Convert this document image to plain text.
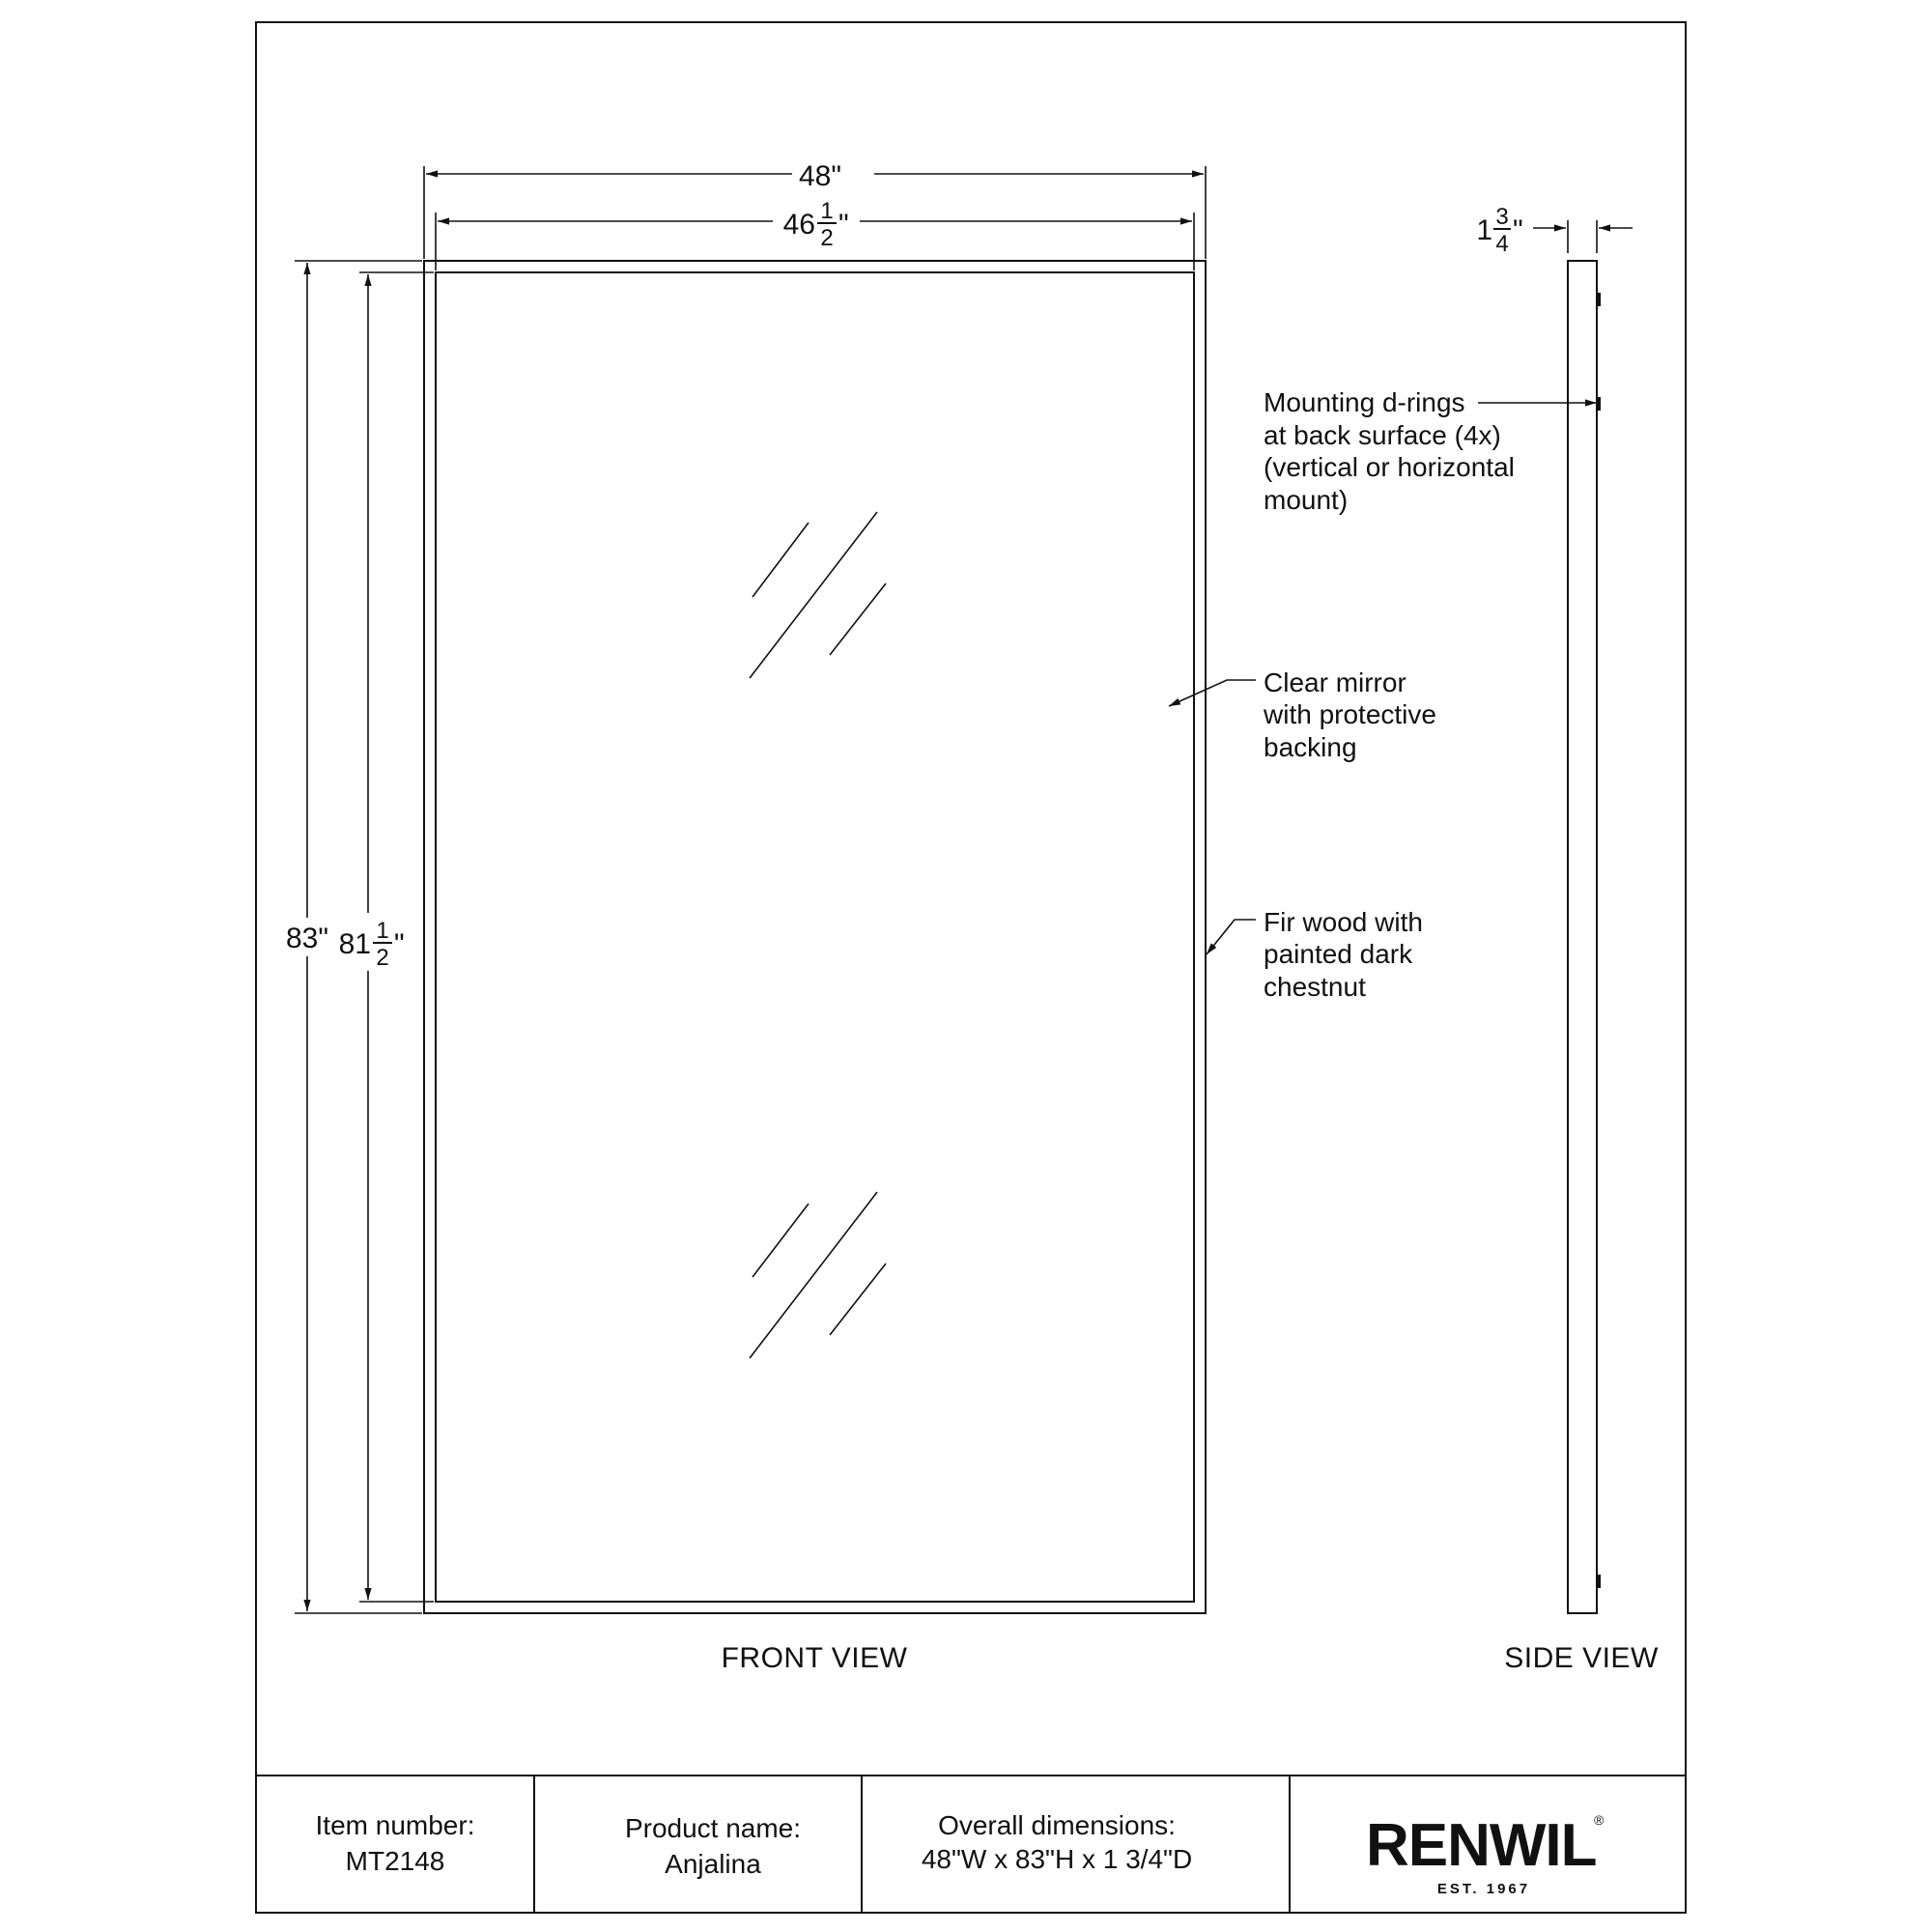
48"
46 1
2 "
83" 81 1
2 "
FRONT VIEW
1 3
4 "
SIDE VIEW
Mounting d-rings
at back surface (4x)
(vertical or horizontal
mount)
Clear mirror
with protective
backing
Fir wood with
painted dark
chestnut
Item number:
MT2148
Product name:
Anjalina
Overall dimensions:
48"W x 83"H x 1 3/4"D	RENWIL
®
EST. 1967
